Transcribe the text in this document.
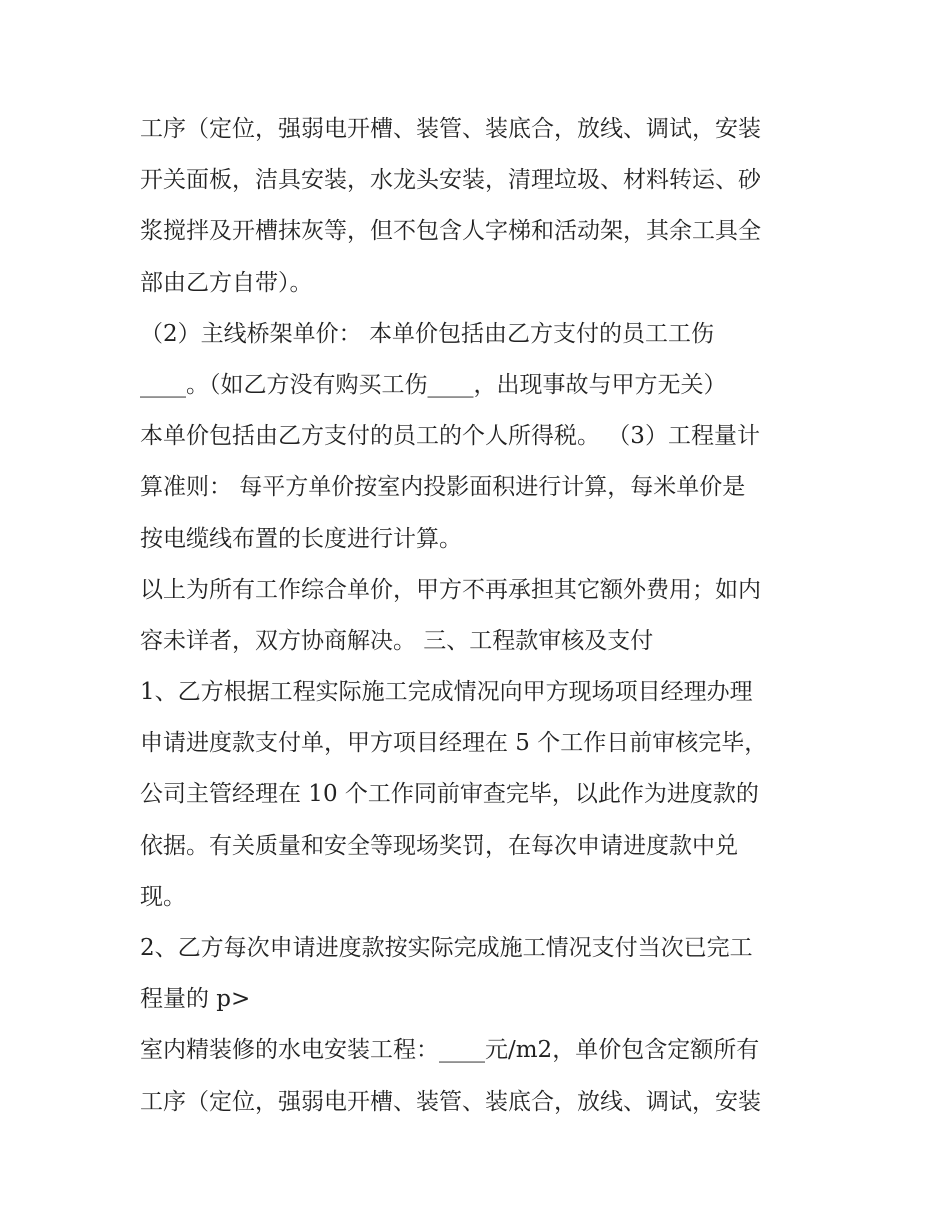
工序（定位，强弱电开槽、装管、装底合，放线、调试，安装
开关面板，洁具安装，水龙头安装，清理垃圾、材料转运、砂
浆搅拌及开槽抹灰等，但不包含人字梯和活动架，其余工具全
部由乙方自带）。
（2）主线桥架单价： 本单价包括由乙方支付的员工工伤
____。（如乙方没有购买工伤____，出现事故与甲方无关）
本单价包括由乙方支付的员工的个人所得税。 （3）工程量计
算准则： 每平方单价按室内投影面积进行计算，每米单价是
按电缆线布置的长度进行计算。
以上为所有工作综合单价，甲方不再承担其它额外费用；如内
容未详者，双方协商解决。 三、工程款审核及支付
1、乙方根据工程实际施工完成情况向甲方现场项目经理办理
申请进度款支付单，甲方项目经理在 5 个工作日前审核完毕，
公司主管经理在 10 个工作同前审查完毕，以此作为进度款的
依据。有关质量和安全等现场奖罚，在每次申请进度款中兑
现。
2、乙方每次申请进度款按实际完成施工情况支付当次已完工
程量的 p>
室内精装修的水电安装工程：____元/m2，单价包含定额所有
工序（定位，强弱电开槽、装管、装底合，放线、调试，安装
